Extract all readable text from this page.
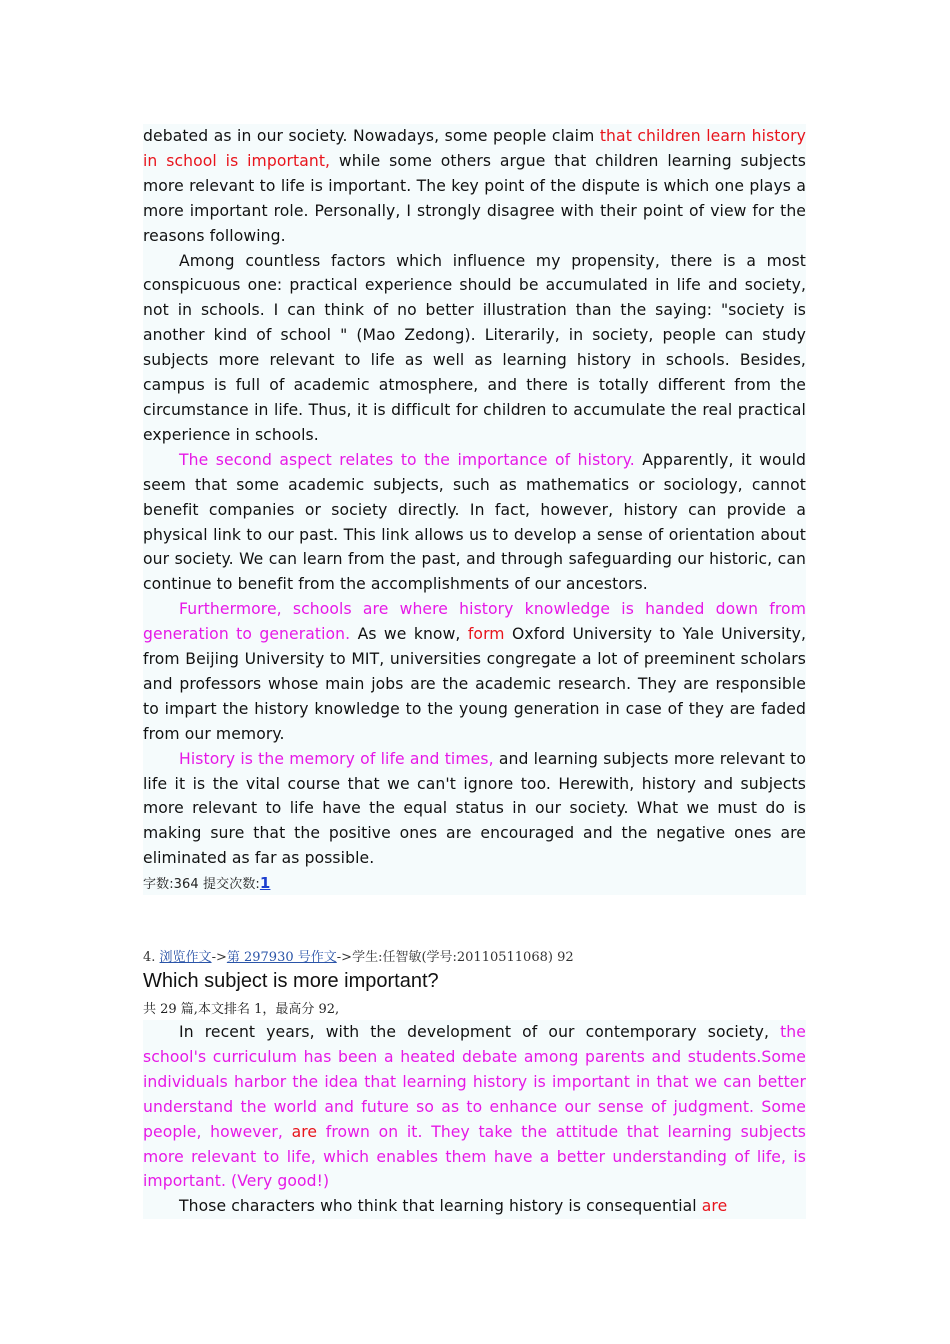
debated as in our society. Nowadays, some people claim that children learn history in school is important, while some others argue that children learning subjects more relevant to life is important. The key point of the dispute is which one plays a more important role. Personally, I strongly disagree with their point of view for the reasons following.

Among countless factors which influence my propensity, there is a most conspicuous one: practical experience should be accumulated in life and society, not in schools. I can think of no better illustration than the saying: "society is another kind of school " (Mao Zedong). Literarily, in society, people can study subjects more relevant to life as well as learning history in schools. Besides, campus is full of academic atmosphere, and there is totally different from the circumstance in life. Thus, it is difficult for children to accumulate the real practical experience in schools.

The second aspect relates to the importance of history. Apparently, it would seem that some academic subjects, such as mathematics or sociology, cannot benefit companies or society directly. In fact, however, history can provide a physical link to our past. This link allows us to develop a sense of orientation about our society. We can learn from the past, and through safeguarding our historic, can continue to benefit from the accomplishments of our ancestors.

Furthermore, schools are where history knowledge is handed down from generation to generation. As we know, form Oxford University to Yale University, from Beijing University to MIT, universities congregate a lot of preeminent scholars and professors whose main jobs are the academic research. They are responsible to impart the history knowledge to the young generation in case of they are faded from our memory.

History is the memory of life and times, and learning subjects more relevant to life it is the vital course that we can't ignore too. Herewith, history and subjects more relevant to life have the equal status in our society. What we must do is making sure that the positive ones are encouraged and the negative ones are eliminated as far as possible.

字数:364 提交次数:1
4. 浏览作文->第 297930 号作文->学生:任智敏(学号:20110511068) 92
Which subject is more important?
共 29 篇,本文排名 1，最高分 92,

In recent years, with the development of our contemporary society, the school's curriculum has been a heated debate among parents and students.Some individuals harbor the idea that learning history is important in that we can better understand the world and future so as to enhance our sense of judgment. Some people, however, are frown on it. They take the attitude that learning subjects more relevant to life, which enables them have a better understanding of life, is important. (Very good!)

Those characters who think that learning history is consequential are
